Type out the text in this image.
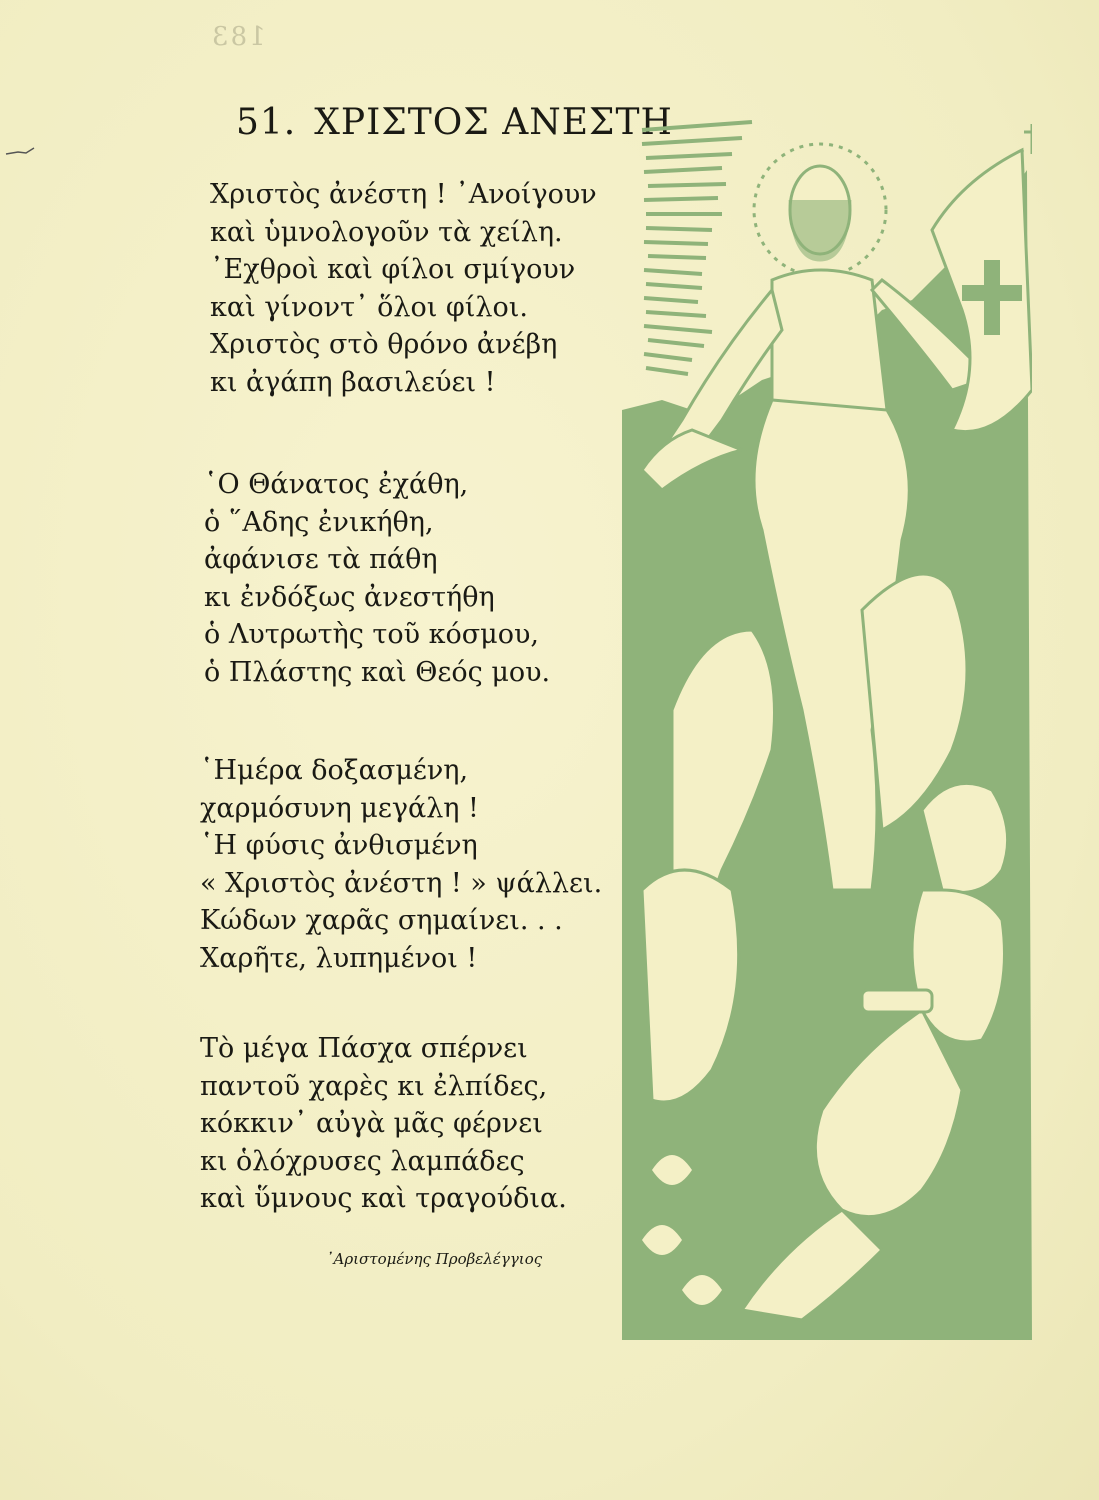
183
51. ΧΡΙΣΤΟΣ ΑΝΕΣΤΗ
Χριστὸς ἀνέστη ! ᾿Ανοίγουν
καὶ ὑμνολογοῦν τὰ χείλη.
᾿Εχθροὶ καὶ φίλοι σμίγουν
καὶ γίνοντ᾿ ὅλοι φίλοι.
Χριστὸς στὸ θρόνο ἀνέβη
κι ἀγάπη βασιλεύει !
῾Ο Θάνατος ἐχάθη,
ὁ ῞Αδης ἐνικήθη,
ἀφάνισε τὰ πάθη
κι ἐνδόξως ἀνεστήθη
ὁ Λυτρωτὴς τοῦ κόσμου,
ὁ Πλάστης καὶ Θεός μου.
῾Ημέρα δοξασμένη,
χαρμόσυνη μεγάλη !
῾Η φύσις ἀνθισμένη
« Χριστὸς ἀνέστη ! » ψάλλει.
Κώδων χαρᾶς σημαίνει. . .
Χαρῆτε, λυπημένοι !
Τὸ μέγα Πάσχα σπέρνει
παντοῦ χαρὲς κι ἐλπίδες,
κόκκιν᾿ αὐγὰ μᾶς φέρνει
κι ὁλόχρυσες λαμπάδες
καὶ ὕμνους καὶ τραγούδια.
᾿Αριστομένης Προβελέγγιος
